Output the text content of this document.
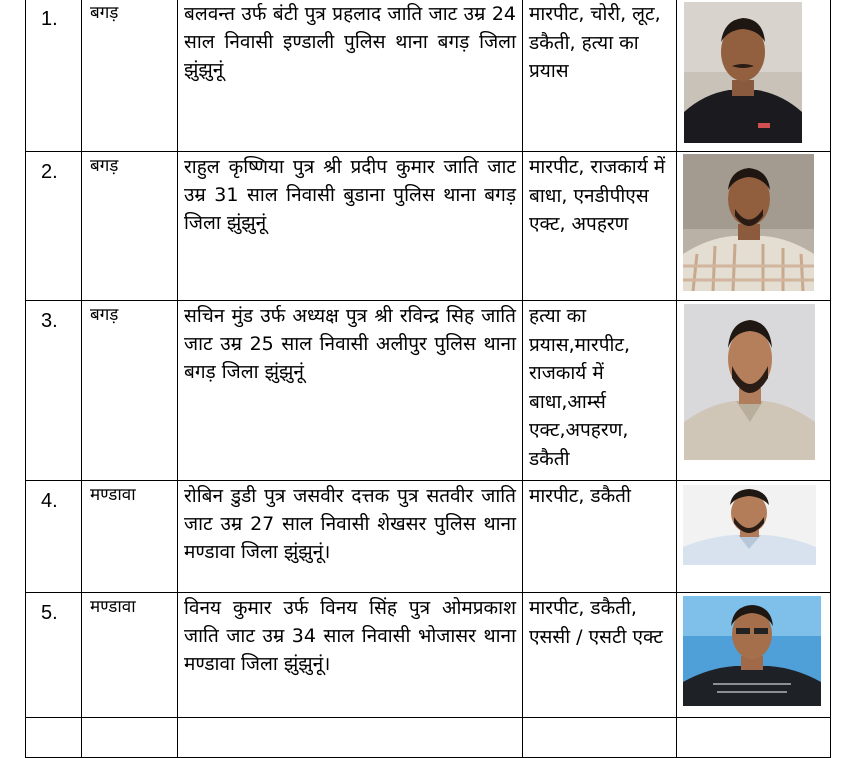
1.	बगड़	बलवन्त उर्फ बंटी पुत्र प्रहलाद जाति जाट उम्र 24 साल निवासी इण्डाली पुलिस थाना बगड़ जिला झुंझुनूं	मारपीट, चोरी, लूट, डकैती, हत्या का प्रयास

2.	बगड़	राहुल कृष्णिया पुत्र श्री प्रदीप कुमार जाति जाट उम्र 31 साल निवासी बुडाना पुलिस थाना बगड़ जिला झुंझुनूं	मारपीट, राजकार्य में बाधा, एनडीपीएस एक्ट, अपहरण

3.	बगड़	सचिन मुंड उर्फ अध्यक्ष पुत्र श्री रविन्द्र सिह जाति जाट उम्र 25 साल निवासी अलीपुर पुलिस थाना बगड़ जिला झुंझुनूं	हत्या का प्रयास,मारपीट, राजकार्य में बाधा,आर्म्स एक्ट,अपहरण, डकैती

4.	मण्डावा	रोबिन डुडी पुत्र जसवीर दत्तक पुत्र सतवीर जाति जाट उम्र 27 साल निवासी शेखसर पुलिस थाना मण्डावा जिला झुंझुनूं।	मारपीट, डकैती

5.	मण्डावा	विनय कुमार उर्फ विनय सिंह पुत्र ओमप्रकाश जाति जाट उम्र 34 साल निवासी भोजासर थाना मण्डावा जिला झुंझुनूं।	मारपीट, डकैती, एससी / एसटी एक्ट
